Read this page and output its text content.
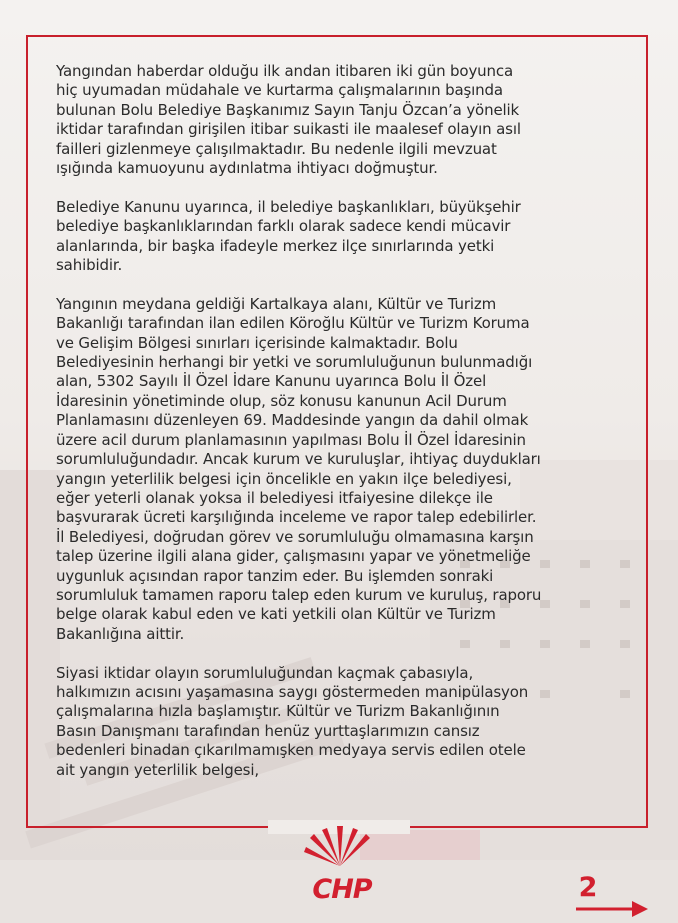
Yangından haberdar olduğu ilk andan itibaren iki gün boyunca
hiç uyumadan müdahale ve kurtarma çalışmalarının başında
bulunan Bolu Belediye Başkanımız Sayın Tanju Özcan’a yönelik
iktidar tarafından girişilen itibar suikasti ile maalesef olayın asıl
failleri gizlenmeye çalışılmaktadır. Bu nedenle ilgili mevzuat
ışığında kamuoyunu aydınlatma ihtiyacı doğmuştur.

Belediye Kanunu uyarınca, il belediye başkanlıkları, büyükşehir
belediye başkanlıklarından farklı olarak sadece kendi mücavir
alanlarında, bir başka ifadeyle merkez ilçe sınırlarında yetki
sahibidir.

Yangının meydana geldiği Kartalkaya alanı, Kültür ve Turizm
Bakanlığı tarafından ilan edilen Köroğlu Kültür ve Turizm Koruma
ve Gelişim Bölgesi sınırları içerisinde kalmaktadır. Bolu
Belediyesinin herhangi bir yetki ve sorumluluğunun bulunmadığı
alan, 5302 Sayılı İl Özel İdare Kanunu uyarınca Bolu İl Özel
İdaresinin yönetiminde olup, söz konusu kanunun Acil Durum
Planlamasını düzenleyen 69. Maddesinde yangın da dahil olmak
üzere acil durum planlamasının yapılması Bolu İl Özel İdaresinin
sorumluluğundadır. Ancak kurum ve kuruluşlar, ihtiyaç duydukları
yangın yeterlilik belgesi için öncelikle en yakın ilçe belediyesi,
eğer yeterli olanak yoksa il belediyesi itfaiyesine dilekçe ile
başvurarak ücreti karşılığında inceleme ve rapor talep edebilirler.
İl Belediyesi, doğrudan görev ve sorumluluğu olmamasına karşın
talep üzerine ilgili alana gider, çalışmasını yapar ve yönetmeliğe
uygunluk açısından rapor tanzim eder. Bu işlemden sonraki
sorumluluk tamamen raporu talep eden kurum ve kuruluş, raporu
belge olarak kabul eden ve kati yetkili olan Kültür ve Turizm
Bakanlığına aittir.

Siyasi iktidar olayın sorumluluğundan kaçmak çabasıyla,
halkımızın acısını yaşamasına saygı göstermeden manipülasyon
çalışmalarına hızla başlamıştır. Kültür ve Turizm Bakanlığının
Basın Danışmanı tarafından henüz yurttaşlarımızın cansız
bedenleri binadan çıkarılmamışken medyaya servis edilen otele
ait yangın yeterlilik belgesi,

CHP	2
